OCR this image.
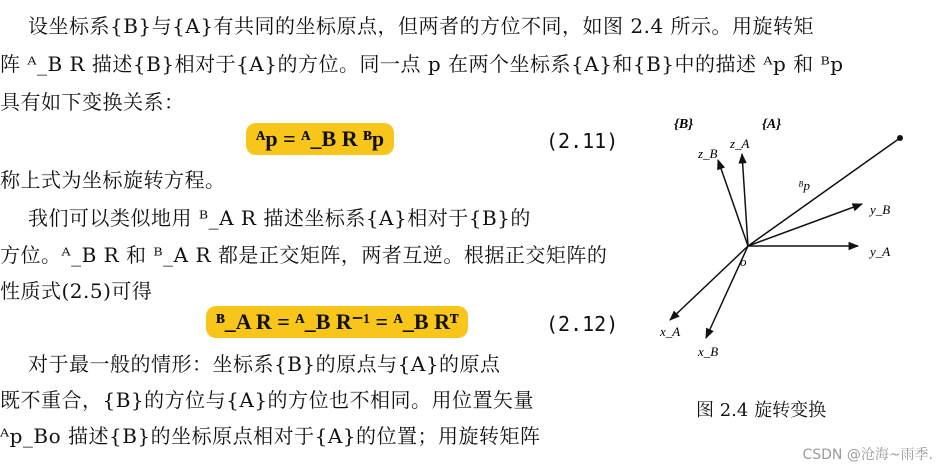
设坐标系{B}与{A}有共同的坐标原点，但两者的方位不同，如图 2.4 所示。用旋转矩
阵 ᴬ_B R 描述{B}相对于{A}的方位。同一点 p 在两个坐标系{A}和{B}中的描述 ᴬp 和 ᴮp
具有如下变换关系：
ᴬp = ᴬ_B R ᴮp	(2.11)
称上式为坐标旋转方程。
我们可以类似地用 ᴮ_A R 描述坐标系{A}相对于{B}的
方位。ᴬ_B R 和 ᴮ_A R 都是正交矩阵，两者互逆。根据正交矩阵的
性质式(2.5)可得
ᴮ_A R = ᴬ_B R⁻¹ = ᴬ_B Rᵀ	(2.12)
对于最一般的情形：坐标系{B}的原点与{A}的原点
既不重合，{B}的方位与{A}的方位也不相同。用位置矢量
ᴬp_Bo 描述{B}的坐标原点相对于{A}的位置；用旋转矩阵
{B}	{A}
z_B
z_A
ᴮp
y_B
y_A
o
x_A
x_B
图 2.4 旋转变换
CSDN @沧海~雨季.
